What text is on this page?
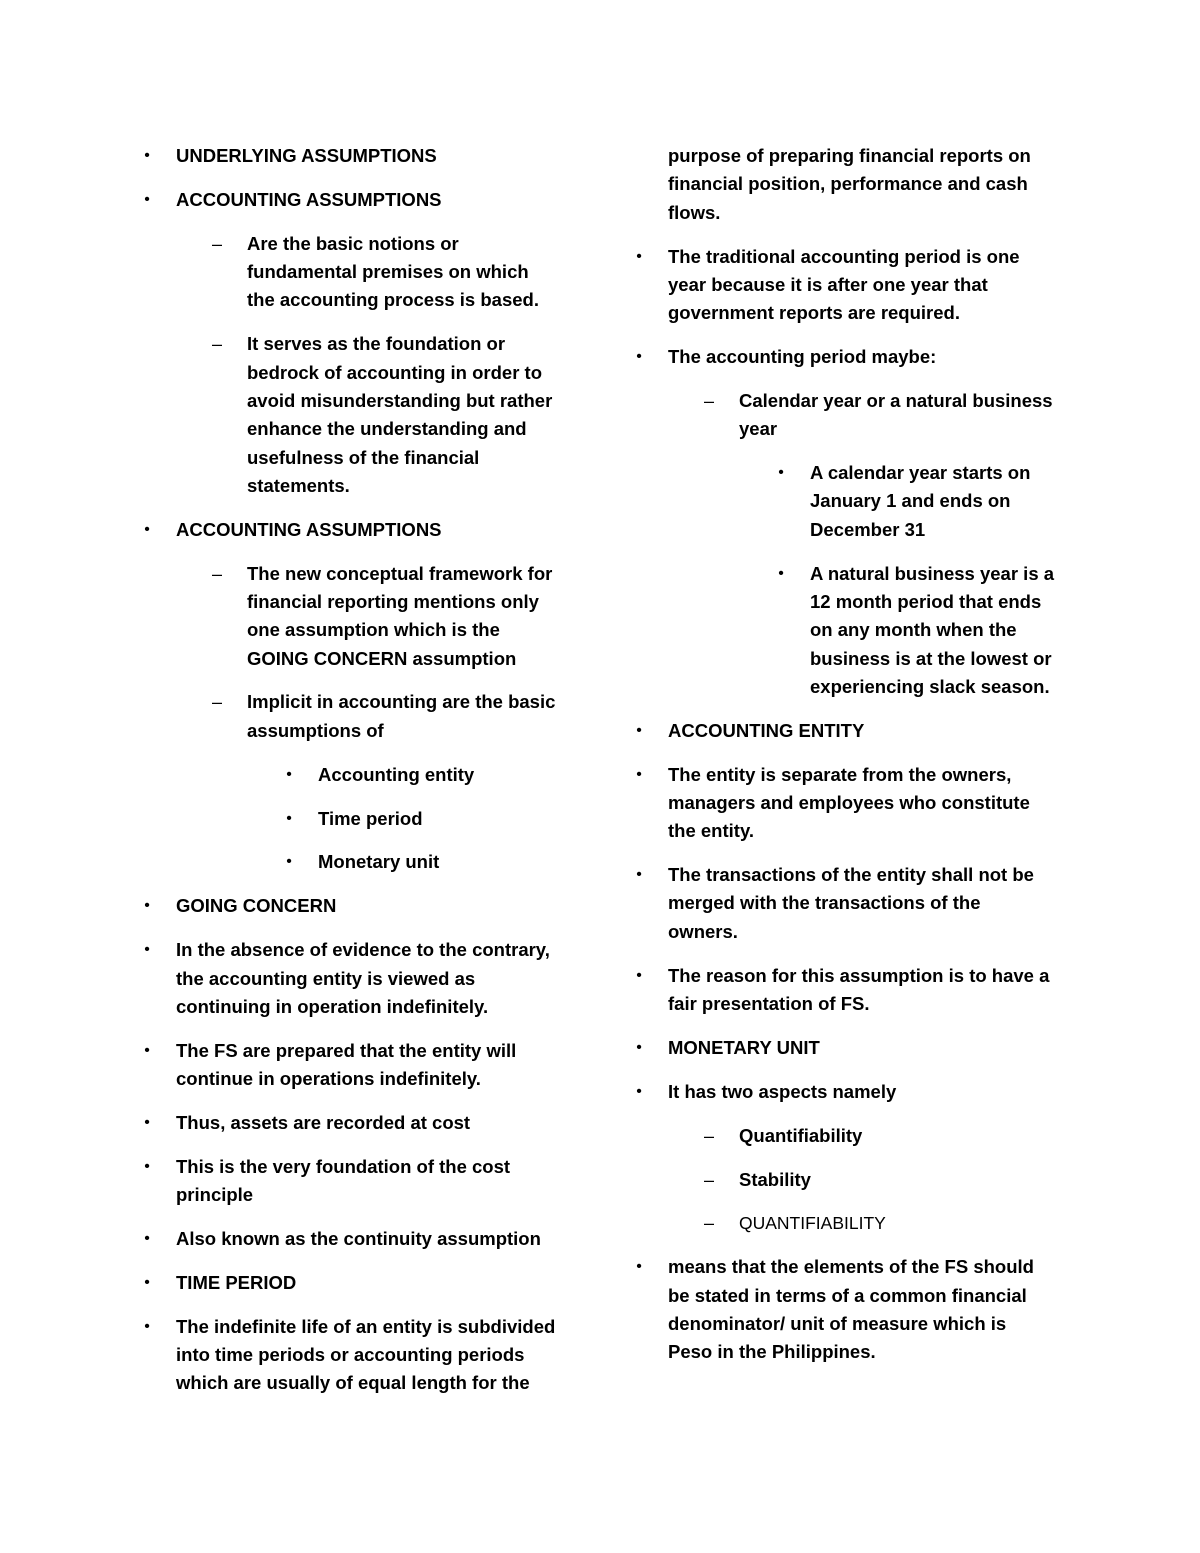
• UNDERLYING ASSUMPTIONS
• ACCOUNTING ASSUMPTIONS
– Are the basic notions or
fundamental premises on which
the accounting process is based.
– It serves as the foundation or
bedrock of accounting in order to
avoid misunderstanding but rather
enhance the understanding and
usefulness of the financial
statements.
• ACCOUNTING ASSUMPTIONS
– The new conceptual framework for
financial reporting mentions only
one assumption which is the
GOING CONCERN assumption
– Implicit in accounting are the basic
assumptions of
• Accounting entity
• Time period
• Monetary unit
• GOING CONCERN
• In the absence of evidence to the contrary,
the accounting entity is viewed as
continuing in operation indefinitely.
• The FS are prepared that the entity will
continue in operations indefinitely.
• Thus, assets are recorded at cost
• This is the very foundation of the cost
principle
• Also known as the continuity assumption
• TIME PERIOD
• The indefinite life of an entity is subdivided
into time periods or accounting periods
which are usually of equal length for the
purpose of preparing financial reports on
financial position, performance and cash
flows.
• The traditional accounting period is one
year because it is after one year that
government reports are required.
• The accounting period maybe:
– Calendar year or a natural business
year
• A calendar year starts on
January 1 and ends on
December 31
• A natural business year is a
12 month period that ends
on any month when the
business is at the lowest or
experiencing slack season.
• ACCOUNTING ENTITY
• The entity is separate from the owners,
managers and employees who constitute
the entity.
• The transactions of the entity shall not be
merged with the transactions of the
owners.
• The reason for this assumption is to have a
fair presentation of FS.
• MONETARY UNIT
• It has two aspects namely
– Quantifiability
– Stability
– QUANTIFIABILITY
• means that the elements of the FS should
be stated in terms of a common financial
denominator/ unit of measure which is
Peso in the Philippines.
